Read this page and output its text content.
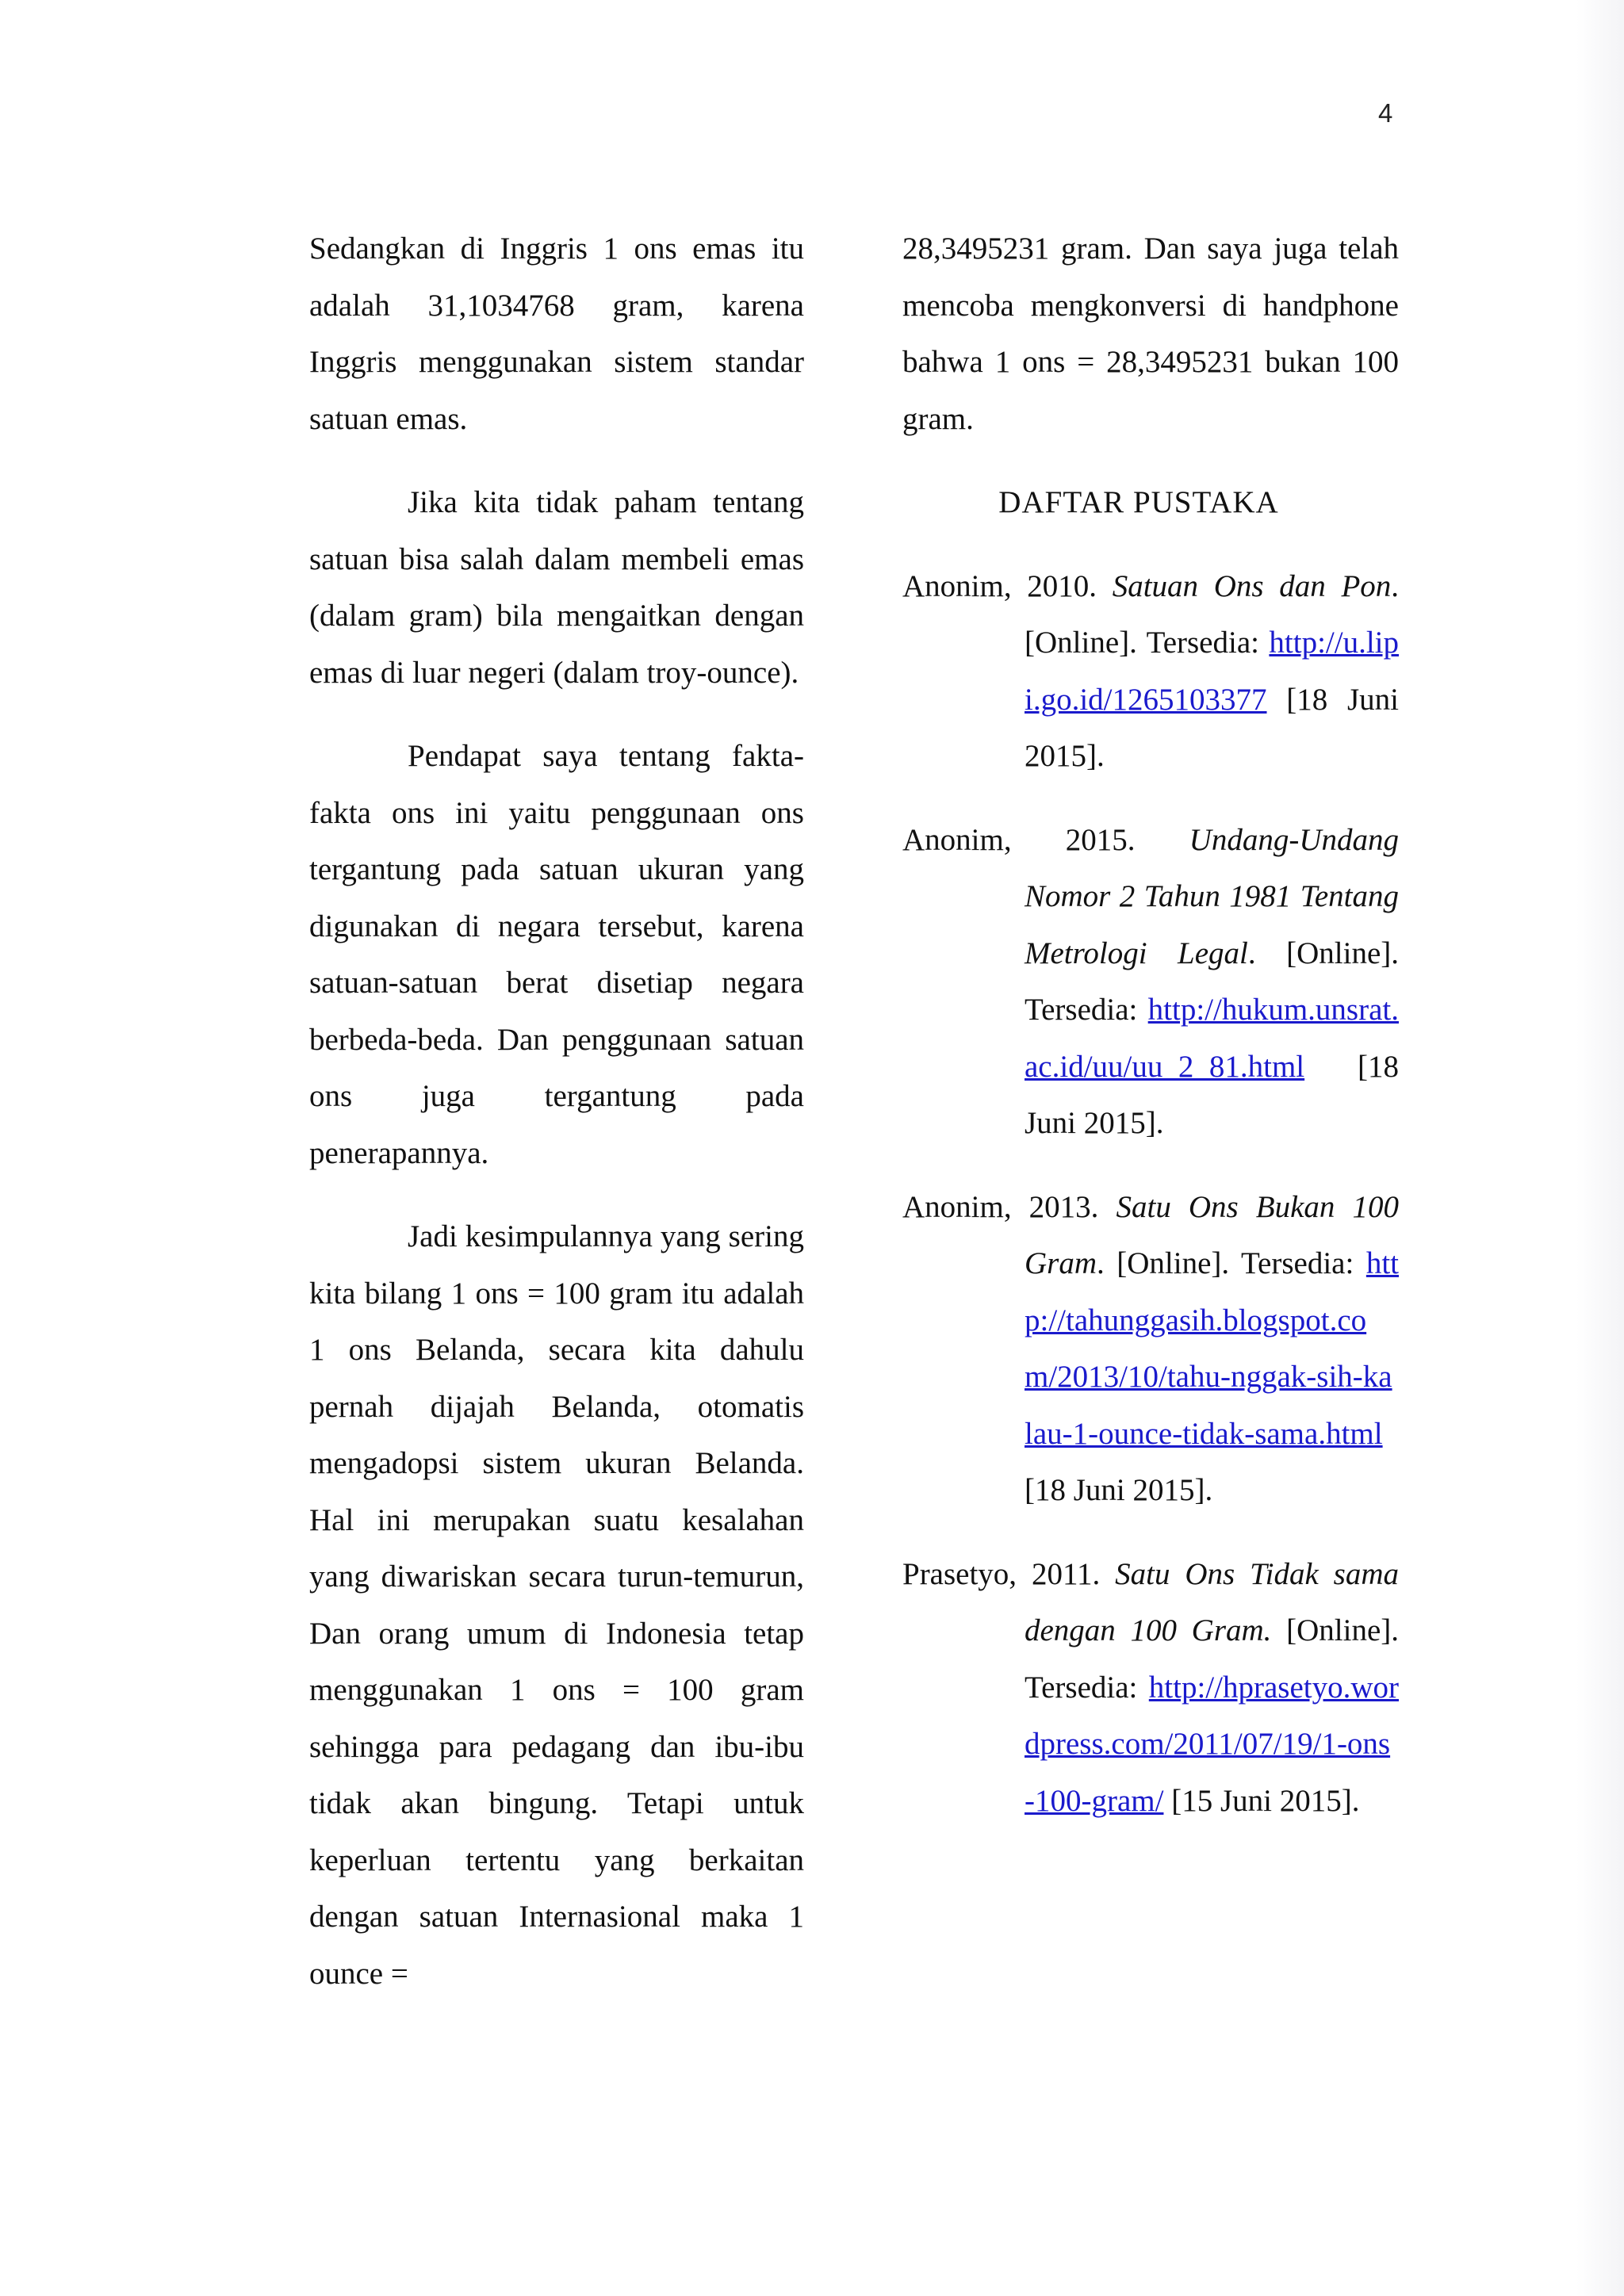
4

Sedangkan di Inggris 1 ons emas itu adalah 31,1034768 gram, karena Inggris menggunakan sistem standar satuan emas.

Jika kita tidak paham tentang satuan bisa salah dalam membeli emas (dalam gram) bila mengaitkan dengan emas di luar negeri (dalam troy-ounce).

Pendapat saya tentang fakta-fakta ons ini yaitu penggunaan ons tergantung pada satuan ukuran yang digunakan di negara tersebut, karena satuan-satuan berat disetiap negara berbeda-beda. Dan penggunaan satuan ons juga tergantung pada penerapannya.

Jadi kesimpulannya yang sering kita bilang 1 ons = 100 gram itu adalah 1 ons Belanda, secara kita dahulu pernah dijajah Belanda, otomatis mengadopsi sistem ukuran Belanda. Hal ini merupakan suatu kesalahan yang diwariskan secara turun-temurun, Dan orang umum di Indonesia tetap menggunakan 1 ons = 100 gram sehingga para pedagang dan ibu-ibu tidak akan bingung. Tetapi untuk keperluan tertentu yang berkaitan dengan satuan Internasional maka 1 ounce =

28,3495231 gram. Dan saya juga telah mencoba mengkonversi di handphone bahwa 1 ons = 28,3495231 bukan 100 gram.

DAFTAR PUSTAKA

Anonim, 2010. Satuan Ons dan Pon. [Online]. Tersedia: http://u.lipi.go.id/1265103377 [18 Juni 2015].

Anonim, 2015. Undang-Undang Nomor 2 Tahun 1981 Tentang Metrologi Legal. [Online]. Tersedia: http://hukum.unsrat.ac.id/uu/uu_2_81.html [18 Juni 2015].

Anonim, 2013. Satu Ons Bukan 100 Gram. [Online]. Tersedia: http://tahunggasih.blogspot.com/2013/10/tahu-nggak-sih-kalau-1-ounce-tidak-sama.html [18 Juni 2015].

Prasetyo, 2011. Satu Ons Tidak sama dengan 100 Gram. [Online]. Tersedia: http://hprasetyo.wordpress.com/2011/07/19/1-ons-100-gram/ [15 Juni 2015].
